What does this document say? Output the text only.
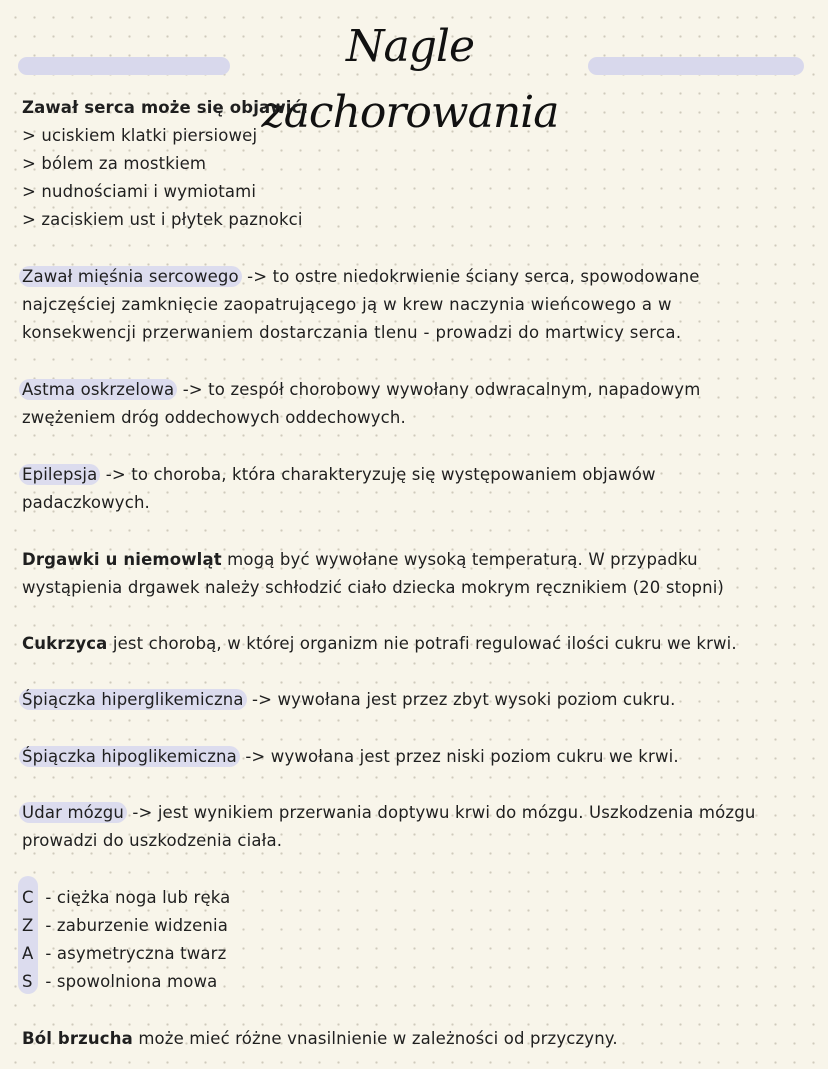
Nagle zachorowania
Zawał serca może się objawić:
> uciskiem klatki piersiowej
> bólem za mostkiem
> nudnościami i wymiotami
> zaciskiem ust i płytek paznokci
Zawał mięśnia sercowego -> to ostre niedokrwienie ściany serca, spowodowane
najczęściej zamknięcie zaopatrującego ją w krew naczynia wieńcowego a w
konsekwencji przerwaniem dostarczania tlenu - prowadzi do martwicy serca.
Astma oskrzelowa -> to zespół chorobowy wywołany odwracalnym, napadowym
zwężeniem dróg oddechowych oddechowych.
Epilepsja -> to choroba, która charakteryzuję się występowaniem objawów
padaczkowych.
Drgawki u niemowląt mogą być wywołane wysoką temperaturą. W przypadku
wystąpienia drgawek należy schłodzić ciało dziecka mokrym ręcznikiem (20 stopni)
Cukrzyca jest chorobą, w której organizm nie potrafi regulować ilości cukru we krwi.
Śpiączka hiperglikemiczna -> wywołana jest przez zbyt wysoki poziom cukru.
Śpiączka hipoglikemiczna -> wywołana jest przez niski poziom cukru we krwi.
Udar mózgu -> jest wynikiem przerwania doptywu krwi do mózgu. Uszkodzenia mózgu
prowadzi do uszkodzenia ciała.
C - ciężka noga lub ręka
Z - zaburzenie widzenia
A - asymetryczna twarz
S - spowolniona mowa
Ból brzucha może mieć różne vnasilnienie w zależności od przyczyny.
